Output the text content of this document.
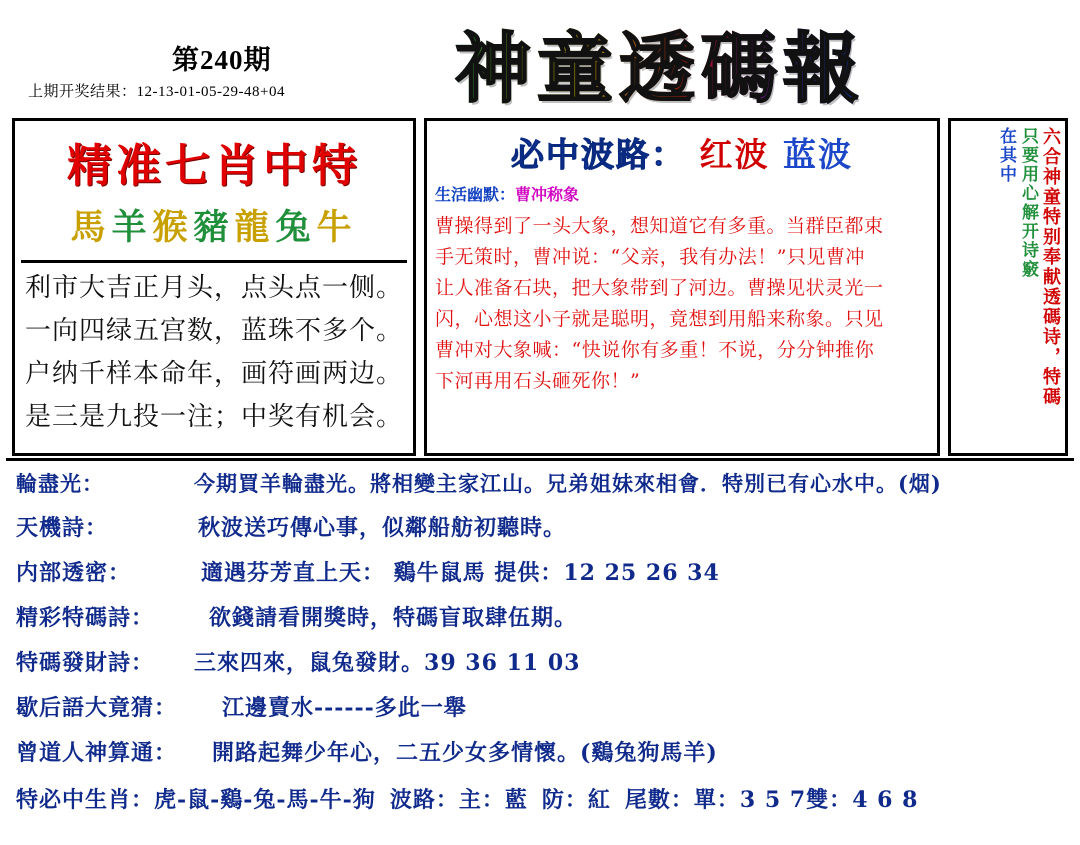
第240期
上期开奖结果：12-13-01-05-29-48+04 神童透碼報
精准七肖中特
馬羊猴豬龍兔牛
利市大吉正月头，点头点一侧。
一向四绿五宫数，蓝珠不多个。
户纳千样本命年，画符画两边。
是三是九投一注；中奖有机会。
必中波路： 红波 蓝波
生活幽默：曹冲称象
曹操得到了一头大象，想知道它有多重。当群臣都束
手无策时，曹冲说：“父亲，我有办法！”只见曹冲
让人准备石块，把大象带到了河边。曹操见状灵光一
闪，心想这小子就是聪明，竟想到用船来称象。只见
曹冲对大象喊：“快说你有多重！不说，分分钟推你
下河再用石头砸死你！”	六合神童特别奉献透碼诗，特碼
只要用心解开诗竅
在其中
輪盡光：	今期買羊輪盡光。將相變主家江山。兄弟姐妹來相會．特別已有心水中。(烟)
天機詩：	秋波送巧傳心事，似鄰船舫初聽時。
内部透密：	適遇芬芳直上天： 鷄牛鼠馬 提供：12 25 26 34
精彩特碼詩：	欲錢請看開獎時，特碼盲取肆伍期。
特碼發財詩： 三來四來，鼠兔發財。39 36 11 03
歇后語大竟猜： 江邊賣水------多此一舉
曾道人神算通： 開路起舞少年心，二五少女多情懷。(鷄兔狗馬羊)
特必中生肖：虎-鼠-鷄-兔-馬-牛-狗 波路：主：藍 防：紅 尾數：單：3 5 7雙：4 6 8
